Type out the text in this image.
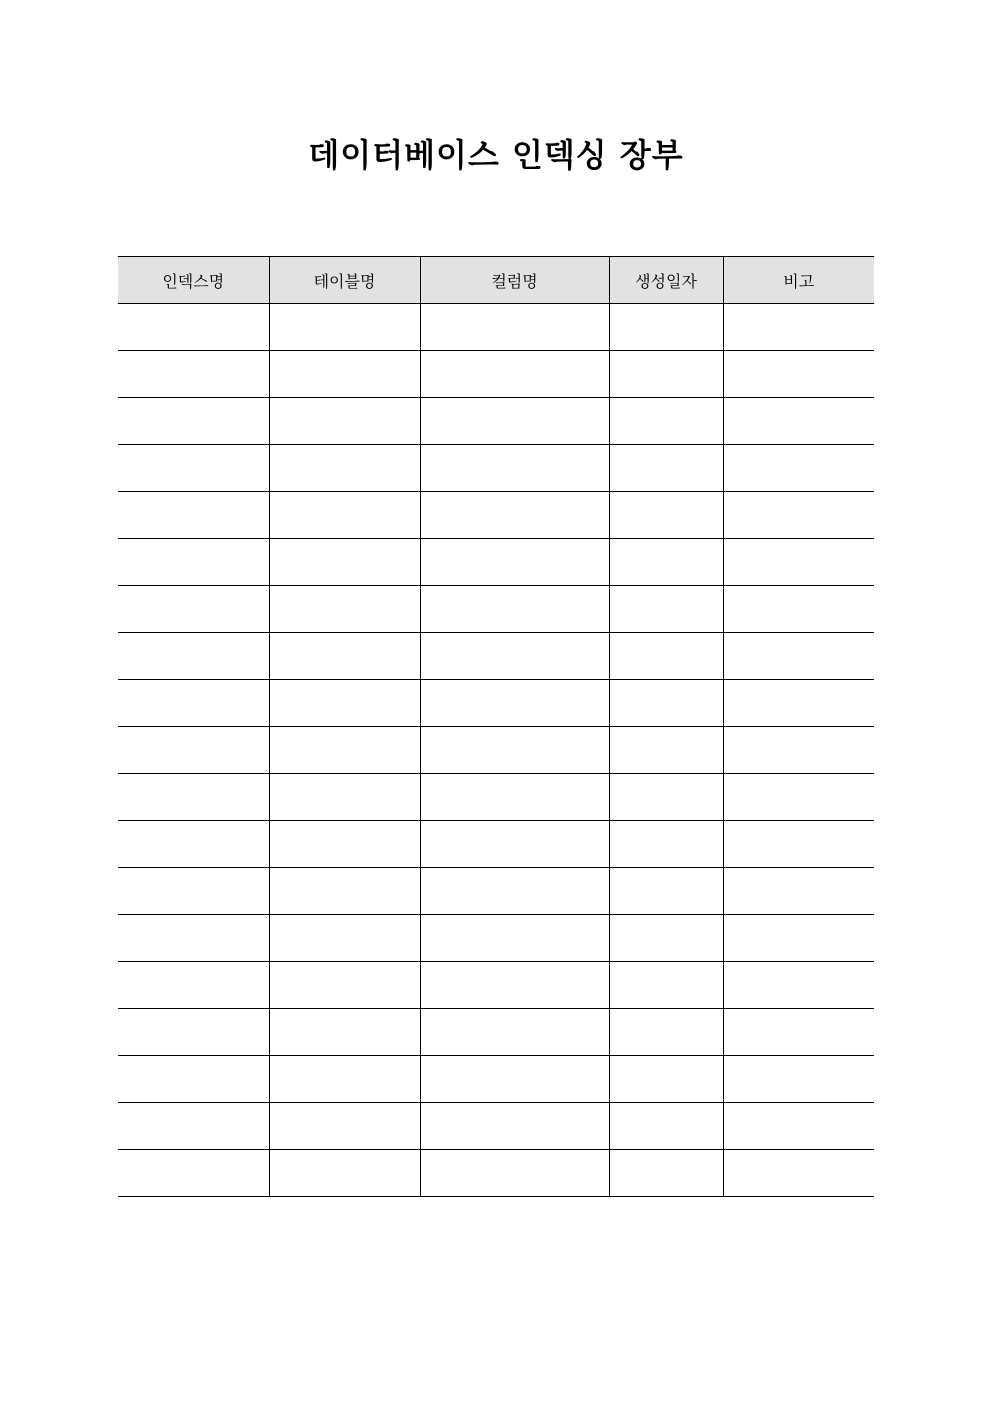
데이터베이스 인덱싱 장부
인덱스명	테이블명	컬럼명	생성일자	비고
